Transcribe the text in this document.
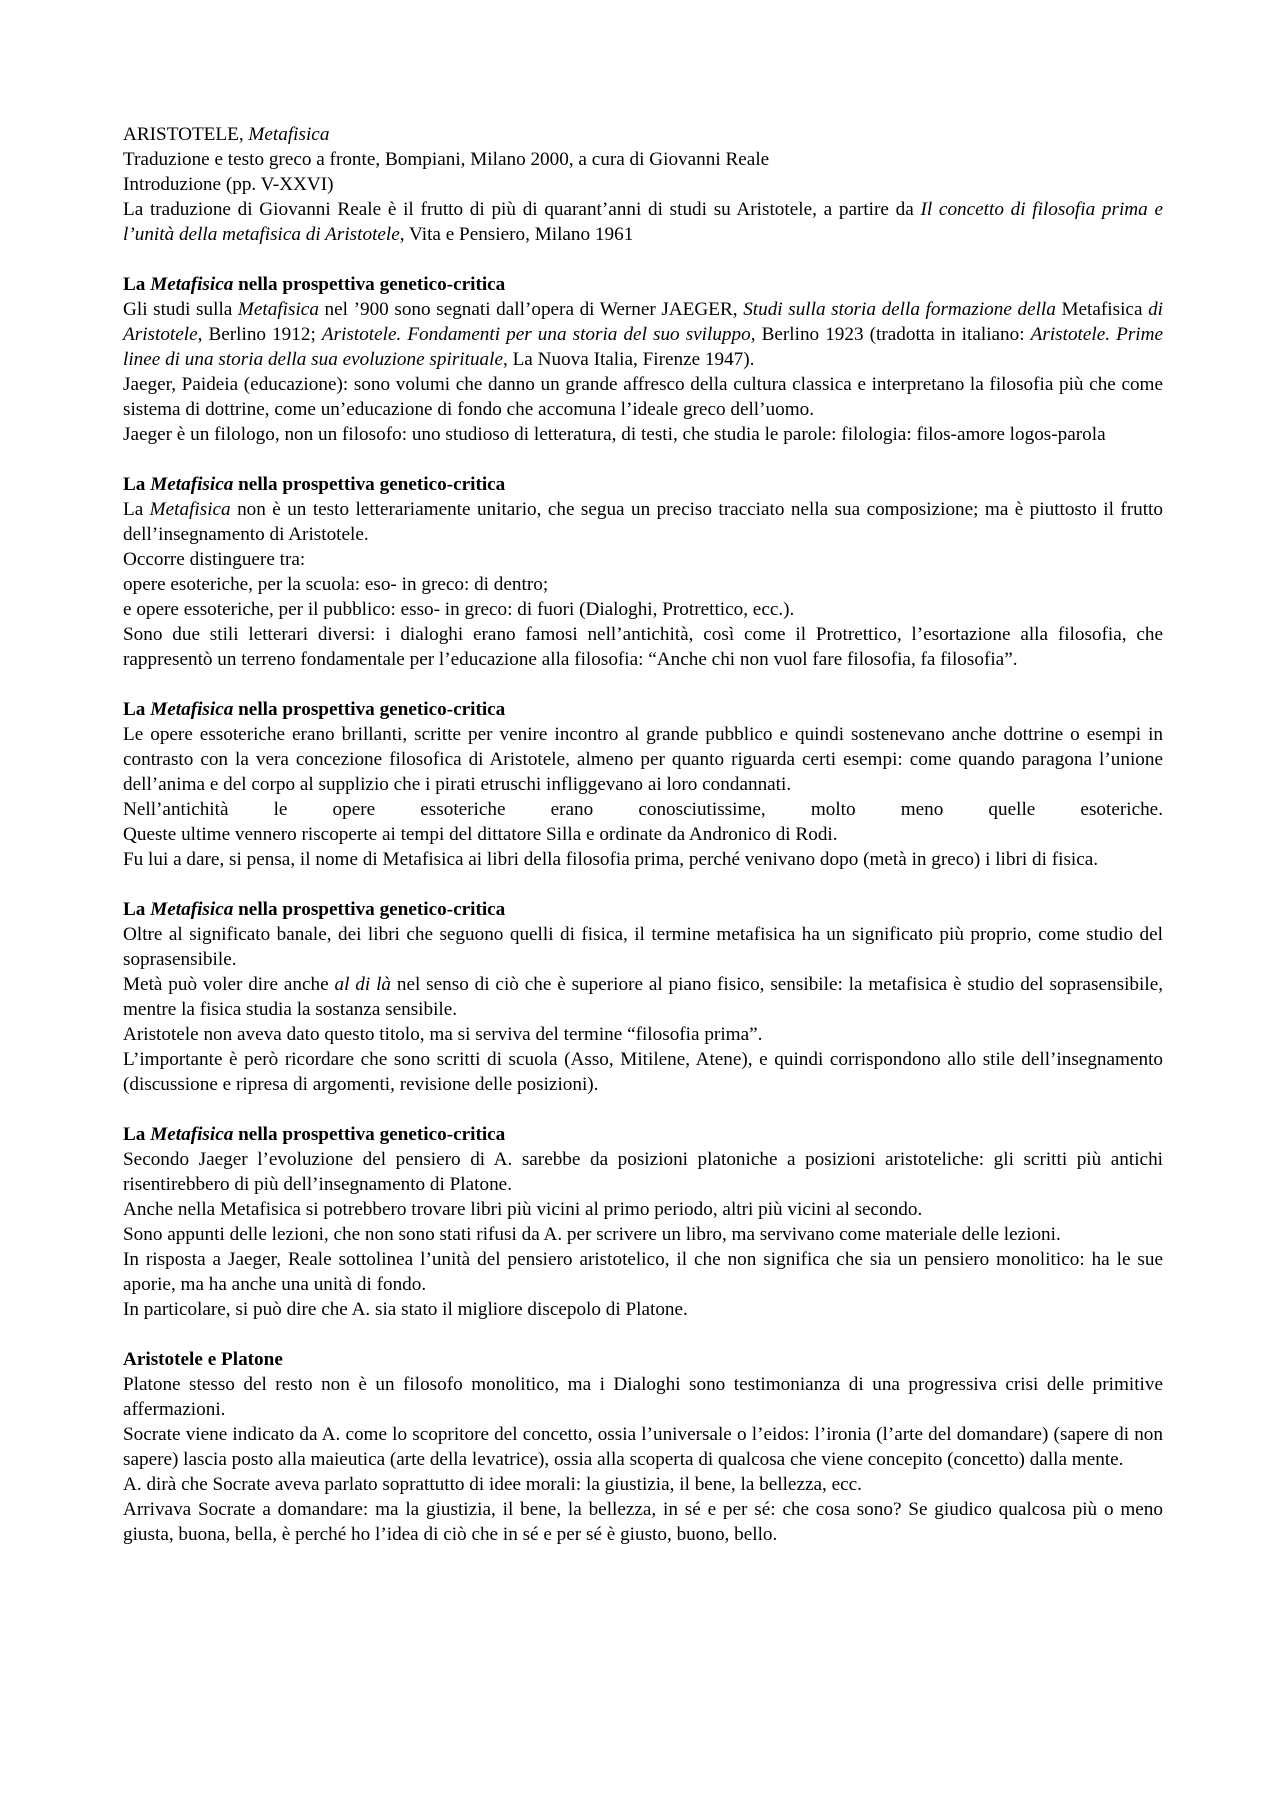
ARISTOTELE, Metafisica

Traduzione e testo greco a fronte, Bompiani, Milano 2000, a cura di Giovanni Reale

Introduzione (pp. V-XXVI)

La traduzione di Giovanni Reale è il frutto di più di quarant’anni di studi su Aristotele, a partire da Il concetto di filosofia prima e l’unità della metafisica di Aristotele, Vita e Pensiero, Milano 1961

La Metafisica nella prospettiva genetico-critica

Gli studi sulla Metafisica nel ’900 sono segnati dall’opera di Werner JAEGER, Studi sulla storia della formazione della Metafisica di Aristotele, Berlino 1912; Aristotele. Fondamenti per una storia del suo sviluppo, Berlino 1923 (tradotta in italiano: Aristotele. Prime linee di una storia della sua evoluzione spirituale, La Nuova Italia, Firenze 1947).

Jaeger, Paideia (educazione): sono volumi che danno un grande affresco della cultura classica e interpretano la filosofia più che come sistema di dottrine, come un’educazione di fondo che accomuna l’ideale greco dell’uomo.

Jaeger è un filologo, non un filosofo: uno studioso di letteratura, di testi, che studia le parole: filologia: filos-amore logos-parola

La Metafisica nella prospettiva genetico-critica

La Metafisica non è un testo letterariamente unitario, che segua un preciso tracciato nella sua composizione; ma è piuttosto il frutto dell’insegnamento di Aristotele.

Occorre distinguere tra:

opere esoteriche, per la scuola: eso- in greco: di dentro;

e opere essoteriche, per il pubblico: esso- in greco: di fuori (Dialoghi, Protrettico, ecc.).

Sono due stili letterari diversi: i dialoghi erano famosi nell’antichità, così come il Protrettico, l’esortazione alla filosofia, che rappresentò un terreno fondamentale per l’educazione alla filosofia: “Anche chi non vuol fare filosofia, fa filosofia”.

La Metafisica nella prospettiva genetico-critica

Le opere essoteriche erano brillanti, scritte per venire incontro al grande pubblico e quindi sostenevano anche dottrine o esempi in contrasto con la vera concezione filosofica di Aristotele, almeno per quanto riguarda certi esempi: come quando paragona l’unione dell’anima e del corpo al supplizio che i pirati etruschi infliggevano ai loro condannati.

Nell’antichità le opere essoteriche erano conosciutissime, molto meno quelle esoteriche.

Queste ultime vennero riscoperte ai tempi del dittatore Silla e ordinate da Andronico di Rodi.

Fu lui a dare, si pensa, il nome di Metafisica ai libri della filosofia prima, perché venivano dopo (metà in greco) i libri di fisica.

La Metafisica nella prospettiva genetico-critica

Oltre al significato banale, dei libri che seguono quelli di fisica, il termine metafisica ha un significato più proprio, come studio del soprasensibile.

Metà può voler dire anche al di là nel senso di ciò che è superiore al piano fisico, sensibile: la metafisica è studio del soprasensibile, mentre la fisica studia la sostanza sensibile.

Aristotele non aveva dato questo titolo, ma si serviva del termine “filosofia prima”.

L’importante è però ricordare che sono scritti di scuola (Asso, Mitilene, Atene), e quindi corrispondono allo stile dell’insegnamento (discussione e ripresa di argomenti, revisione delle posizioni).

La Metafisica nella prospettiva genetico-critica

Secondo Jaeger l’evoluzione del pensiero di A. sarebbe da posizioni platoniche a posizioni aristoteliche: gli scritti più antichi risentirebbero di più dell’insegnamento di Platone.

Anche nella Metafisica si potrebbero trovare libri più vicini al primo periodo, altri più vicini al secondo.

Sono appunti delle lezioni, che non sono stati rifusi da A. per scrivere un libro, ma servivano come materiale delle lezioni.

In risposta a Jaeger, Reale sottolinea l’unità del pensiero aristotelico, il che non significa che sia un pensiero monolitico: ha le sue aporie, ma ha anche una unità di fondo.

In particolare, si può dire che A. sia stato il migliore discepolo di Platone.

Aristotele e Platone

Platone stesso del resto non è un filosofo monolitico, ma i Dialoghi sono testimonianza di una progressiva crisi delle primitive affermazioni.

Socrate viene indicato da A. come lo scopritore del concetto, ossia l’universale o l’eidos: l’ironia (l’arte del domandare) (sapere di non sapere) lascia posto alla maieutica (arte della levatrice), ossia alla scoperta di qualcosa che viene concepito (concetto) dalla mente.

A. dirà che Socrate aveva parlato soprattutto di idee morali: la giustizia, il bene, la bellezza, ecc.

Arrivava Socrate a domandare: ma la giustizia, il bene, la bellezza, in sé e per sé: che cosa sono? Se giudico qualcosa più o meno giusta, buona, bella, è perché ho l’idea di ciò che in sé e per sé è giusto, buono, bello.
